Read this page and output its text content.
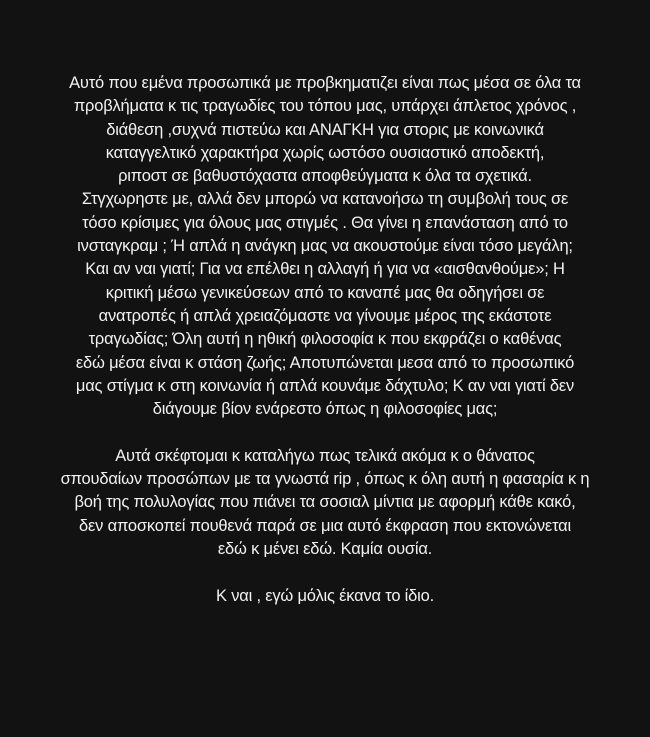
Αυτό που εμένα προσωπικά με προβκηματιζει είναι πως μέσα σε όλα τα
προβλήματα κ τις τραγωδίες του τόπου μας, υπάρχει άπλετος χρόνος ,
διάθεση ,συχνά πιστεύω και ΑΝΑΓΚΗ για στορις με κοινωνικά
καταγγελτικό χαρακτήρα χωρίς ωστόσο ουσιαστικό αποδεκτή,
ριποστ σε βαθυστόχαστα αποφθεύγματα κ όλα τα σχετικά.
Στγχωρηστε με, αλλά δεν μπορώ να κατανοήσω τη συμβολή τους σε
τόσο κρίσιμες για όλους μας στιγμές . Θα γίνει η επανάσταση από το
ινσταγκραμ ; Ή απλά η ανάγκη μας να ακουστούμε είναι τόσο μεγάλη;
Και αν ναι γιατί; Για να επέλθει η αλλαγή ή για να «αισθανθούμε»; Η
κριτική μέσω γενικεύσεων από το καναπέ μας θα οδηγήσει σε
ανατροπές ή απλά χρειαζόμαστε να γίνουμε μέρος της εκάστοτε
τραγωδίας; Όλη αυτή η ηθική φιλοσοφία κ που εκφράζει ο καθένας
εδώ μέσα είναι κ στάση ζωής; Αποτυπώνεται μεσα από το προσωπικό
μας στίγμα κ στη κοινωνία ή απλά κουνάμε δάχτυλο; Κ αν ναι γιατί δεν
διάγουμε βίον ενάρεστο όπως η φιλοσοφίες μας;

Αυτά σκέφτομαι κ καταλήγω πως τελικά ακόμα κ ο θάνατος
σπουδαίων προσώπων με τα γνωστά rip , όπως κ όλη αυτή η φασαρία κ η
βοή της πολυλογίας που πιάνει τα σοσιαλ μίντια με αφορμή κάθε κακό,
δεν αποσκοπεί πουθενά παρά σε μια αυτό έκφραση που εκτονώνεται
εδώ κ μένει εδώ. Καμία ουσία.

Κ ναι , εγώ μόλις έκανα το ίδιο.
